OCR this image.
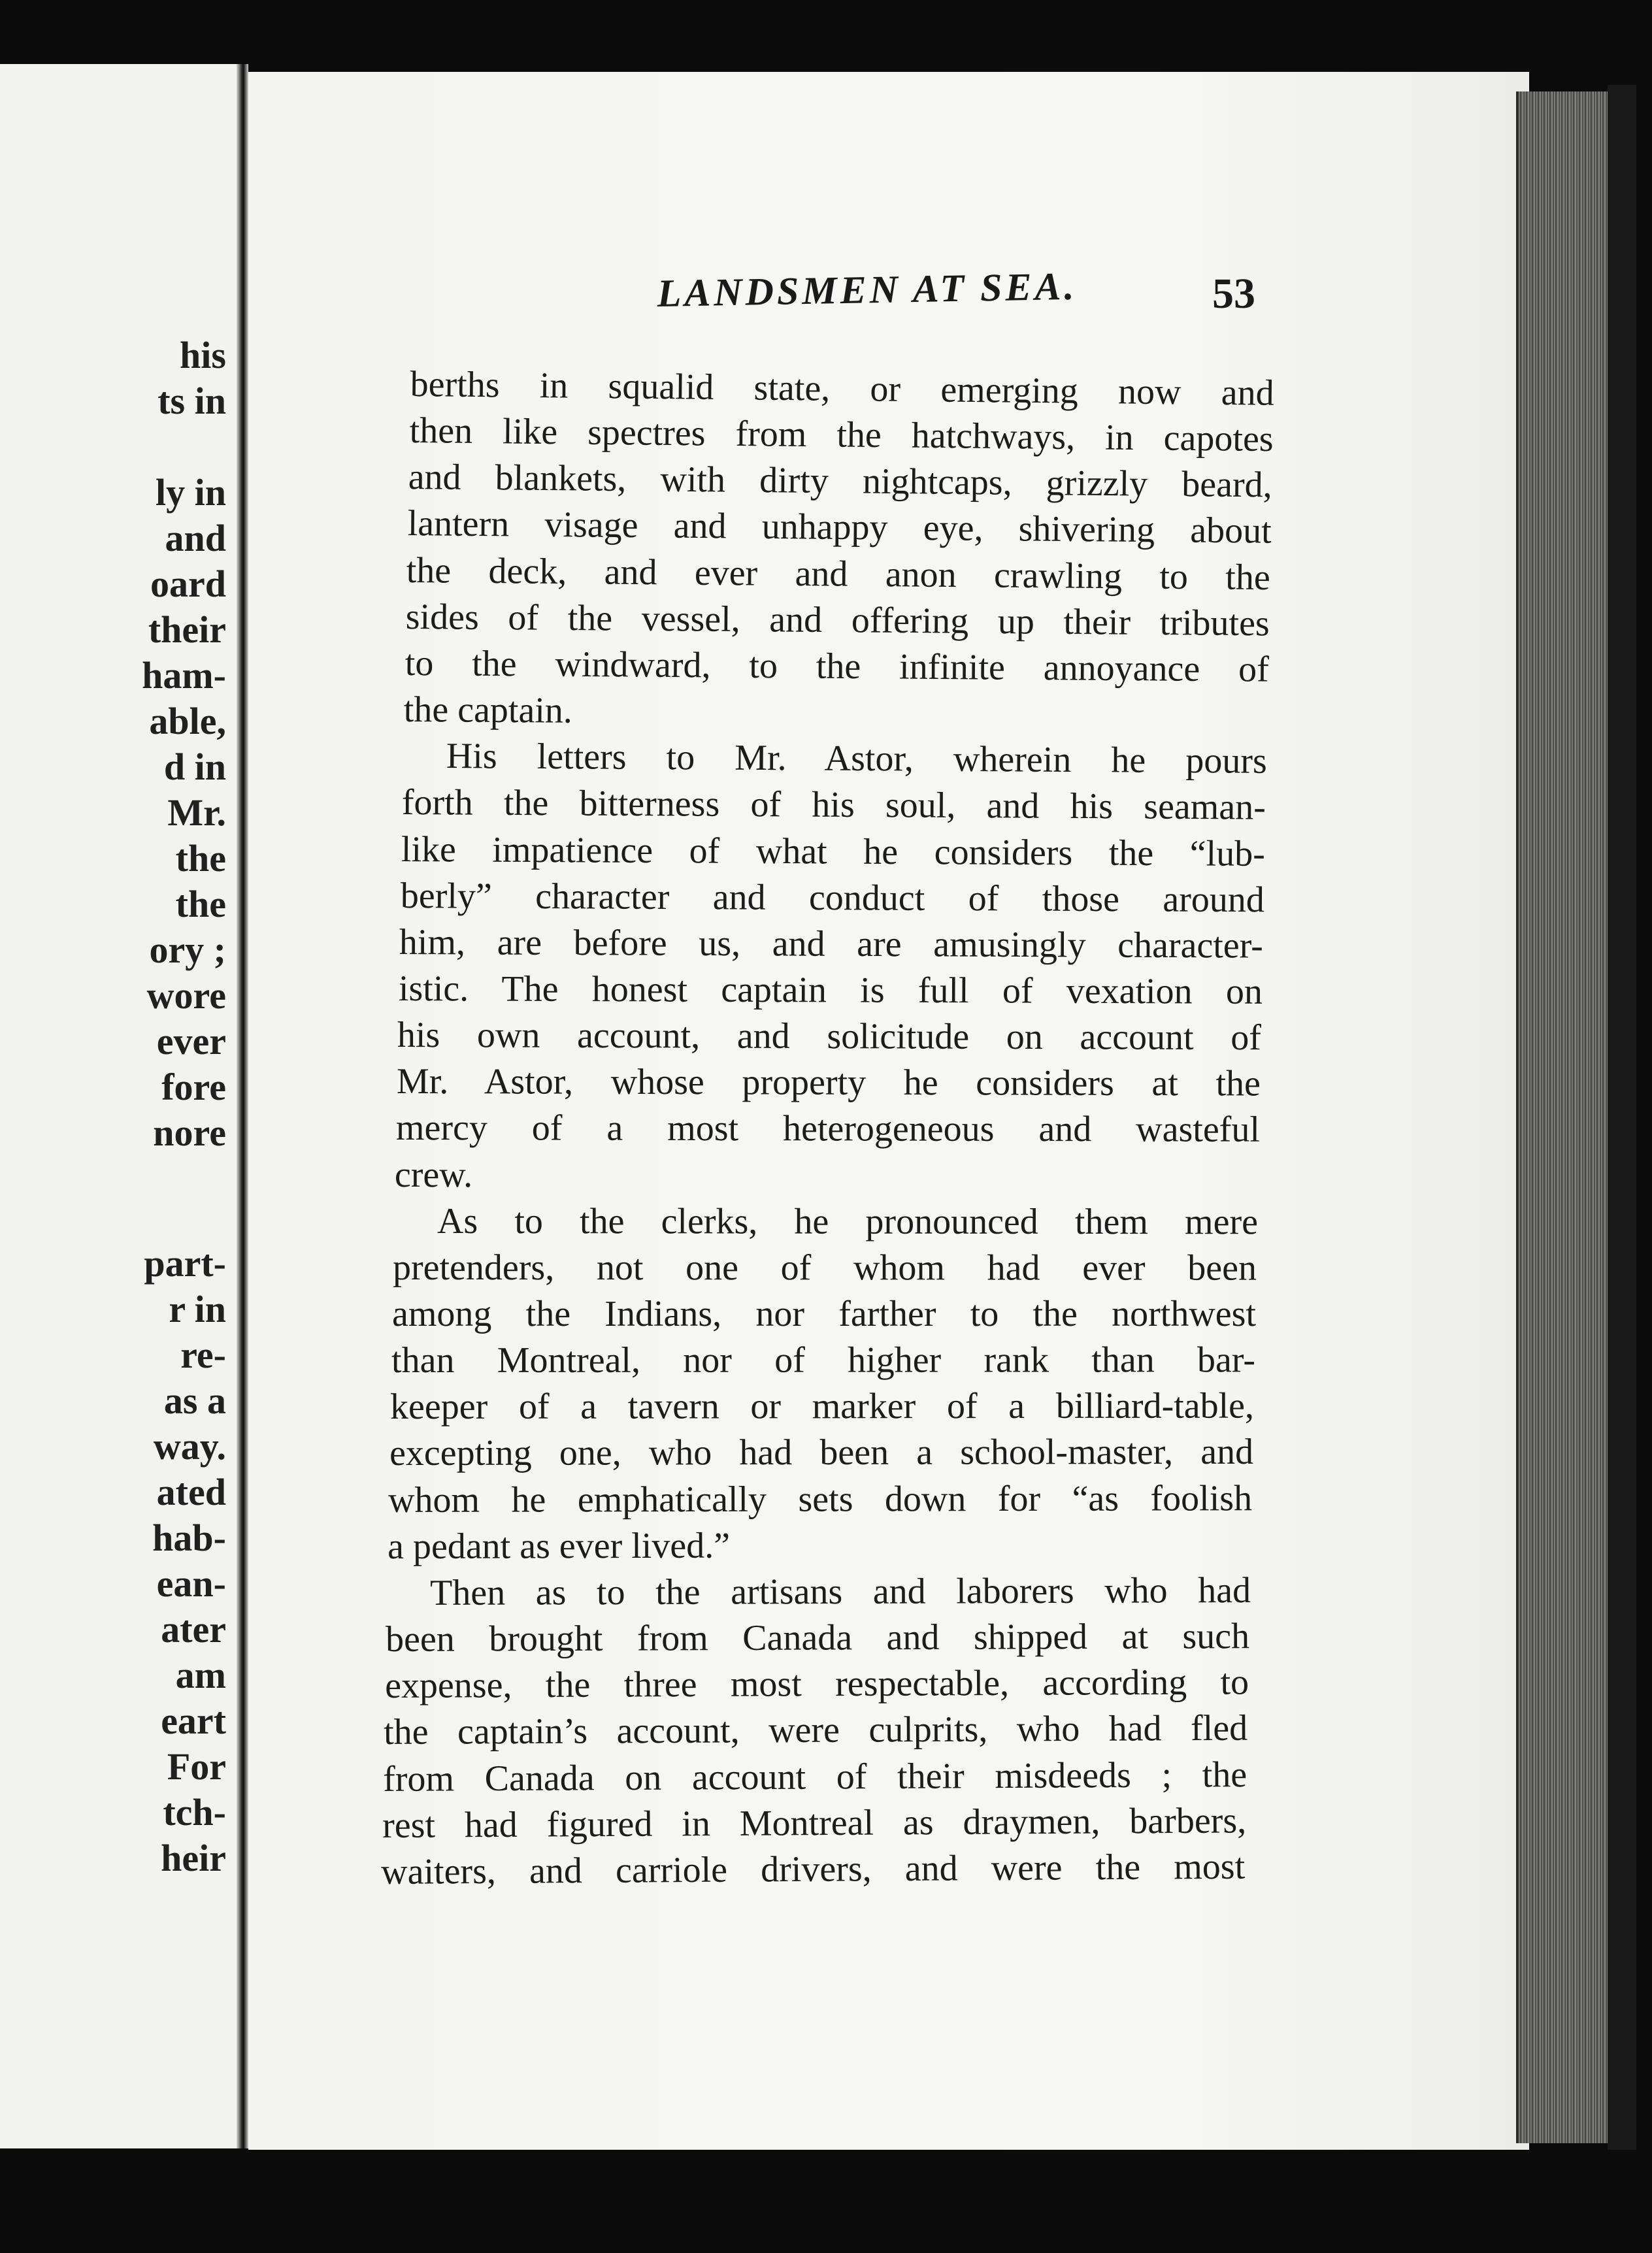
his
ts in
ly in
and
oard
their
ham-
able,
d in
Mr.
the
the
ory ;
wore
ever
fore
nore
part-
r in
re-
as a
way.
ated
hab-
ean-
ater
am
eart
For
tch-
heir
LANDSMEN AT SEA.	53
berths in squalid state, or emerging now and
then like spectres from the hatchways, in capotes
and blankets, with dirty nightcaps, grizzly beard,
lantern visage and unhappy eye, shivering about
the deck, and ever and anon crawling to the
sides of the vessel, and offering up their tributes
to the windward, to the infinite annoyance of
the captain.
His letters to Mr. Astor, wherein he pours
forth the bitterness of his soul, and his seaman-
like impatience of what he considers the “lub-
berly” character and conduct of those around
him, are before us, and are amusingly character-
istic. The honest captain is full of vexation on
his own account, and solicitude on account of
Mr. Astor, whose property he considers at the
mercy of a most heterogeneous and wasteful
crew.
As to the clerks, he pronounced them mere
pretenders, not one of whom had ever been
among the Indians, nor farther to the northwest
than Montreal, nor of higher rank than bar-
keeper of a tavern or marker of a billiard-table,
excepting one, who had been a school-master, and
whom he emphatically sets down for “as foolish
a pedant as ever lived.”
Then as to the artisans and laborers who had
been brought from Canada and shipped at such
expense, the three most respectable, according to
the captain’s account, were culprits, who had fled
from Canada on account of their misdeeds ; the
rest had figured in Montreal as draymen, barbers,
waiters, and carriole drivers, and were the most
